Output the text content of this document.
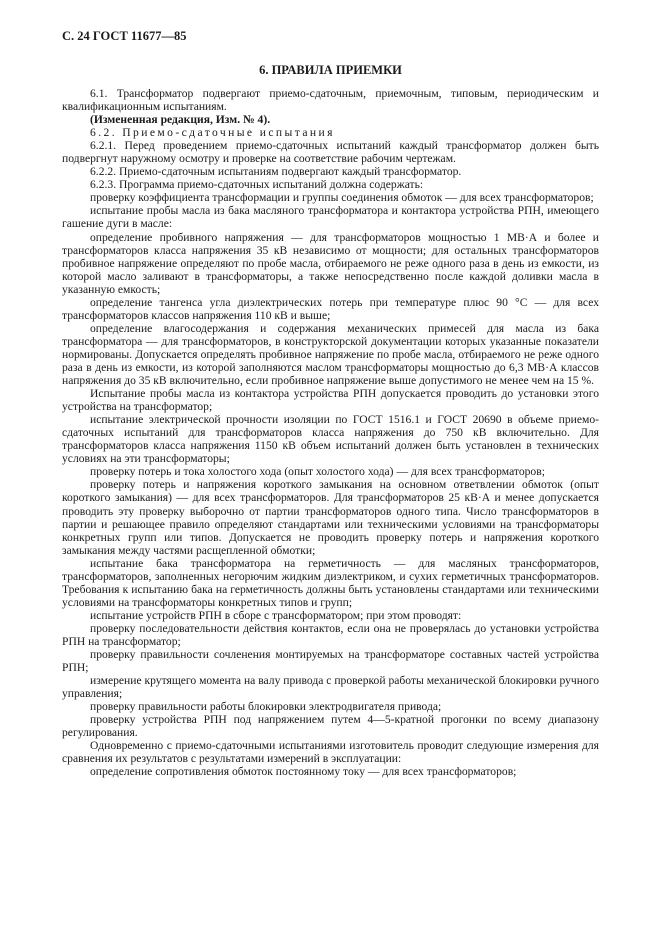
С. 24 ГОСТ 11677—85
6. ПРАВИЛА ПРИЕМКИ

6.1. Трансформатор подвергают приемо-сдаточным, приемочным, типовым, периодическим и квалификационным испытаниям.

(Измененная редакция, Изм. № 4).

6.2. Приемо-сдаточные испытания

6.2.1. Перед проведением приемо-сдаточных испытаний каждый трансформатор должен быть подвергнут наружному осмотру и проверке на соответствие рабочим чертежам.

6.2.2. Приемо-сдаточным испытаниям подвергают каждый трансформатор.

6.2.3. Программа приемо-сдаточных испытаний должна содержать:

проверку коэффициента трансформации и группы соединения обмоток — для всех трансформаторов;

испытание пробы масла из бака масляного трансформатора и контактора устройства РПН, имеющего гашение дуги в масле:

определение пробивного напряжения — для трансформаторов мощностью 1 МВ·А и более и трансформаторов класса напряжения 35 кВ независимо от мощности; для остальных трансформаторов пробивное напряжение определяют по пробе масла, отбираемого не реже одного раза в день из емкости, из которой масло заливают в трансформаторы, а также непосредственно после каждой доливки масла в указанную емкость;

определение тангенса угла диэлектрических потерь при температуре плюс 90 °С — для всех трансформаторов классов напряжения 110 кВ и выше;

определение влагосодержания и содержания механических примесей для масла из бака трансформатора — для трансформаторов, в конструкторской документации которых указанные показатели нормированы. Допускается определять пробивное напряжение по пробе масла, отбираемого не реже одного раза в день из емкости, из которой заполняются маслом трансформаторы мощностью до 6,3 МВ·А классов напряжения до 35 кВ включительно, если пробивное напряжение выше допустимого не менее чем на 15 %.

Испытание пробы масла из контактора устройства РПН допускается проводить до установки этого устройства на трансформатор;

испытание электрической прочности изоляции по ГОСТ 1516.1 и ГОСТ 20690 в объеме приемо-сдаточных испытаний для трансформаторов класса напряжения до 750 кВ включительно. Для трансформаторов класса напряжения 1150 кВ объем испытаний должен быть установлен в технических условиях на эти трансформаторы;

проверку потерь и тока холостого хода (опыт холостого хода) — для всех трансформаторов;

проверку потерь и напряжения короткого замыкания на основном ответвлении обмоток (опыт короткого замыкания) — для всех трансформаторов. Для трансформаторов 25 кВ·А и менее допускается проводить эту проверку выборочно от партии трансформаторов одного типа. Число трансформаторов в партии и решающее правило определяют стандартами или техническими условиями на трансформаторы конкретных групп или типов. Допускается не проводить проверку потерь и напряжения короткого замыкания между частями расщепленной обмотки;

испытание бака трансформатора на герметичность — для масляных трансформаторов, трансформаторов, заполненных негорючим жидким диэлектриком, и сухих герметичных трансформаторов. Требования к испытанию бака на герметичность должны быть установлены стандартами или техническими условиями на трансформаторы конкретных типов и групп;

испытание устройств РПН в сборе с трансформатором; при этом проводят:

проверку последовательности действия контактов, если она не проверялась до установки устройства РПН на трансформатор;

проверку правильности сочленения монтируемых на трансформаторе составных частей устройства РПН;

измерение крутящего момента на валу привода с проверкой работы механической блокировки ручного управления;

проверку правильности работы блокировки электродвигателя привода;

проверку устройства РПН под напряжением путем 4—5-кратной прогонки по всему диапазону регулирования.

Одновременно с приемо-сдаточными испытаниями изготовитель проводит следующие измерения для сравнения их результатов с результатами измерений в эксплуатации:

определение сопротивления обмоток постоянному току — для всех трансформаторов;
